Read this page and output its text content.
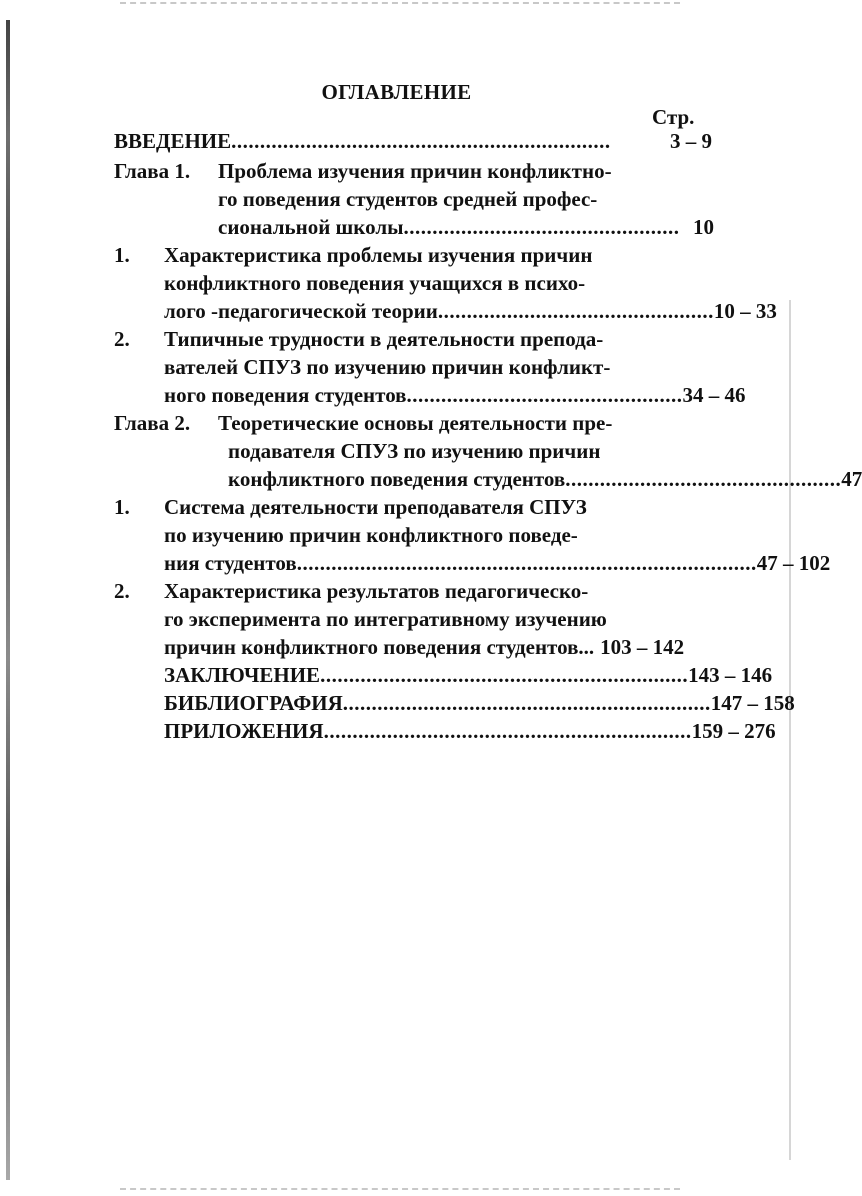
ОГЛАВЛЕНИЕ
Стр.
ВВЕДЕНИЕ ..................................................................	3 – 9
Глава 1. Проблема изучения причин конфликтно-
го поведения студентов средней профес-
сиональной школы ................................................ 10
1. Характеристика проблемы изучения причин
конфликтного поведения учащихся в психо-
лого -педагогической теории ................................................ 10 – 33
2. Типичные трудности в деятельности препода-
вателей СПУЗ по изучению причин конфликт-
ного поведения студентов ................................................ 34 – 46
Глава 2. Теоретические основы деятельности пре-
подавателя СПУЗ по изучению причин
конфликтного поведения студентов ................................................ 47
1. Система деятельности преподавателя СПУЗ
по изучению причин конфликтного поведе-
ния студентов ................................................................................ 47 – 102
2. Характеристика результатов педагогическо-
го эксперимента по интегративному изучению
причин конфликтного поведения студентов ... 103 – 142
ЗАКЛЮЧЕНИЕ ................................................................ 143 – 146
БИБЛИОГРАФИЯ ................................................................ 147 – 158
ПРИЛОЖЕНИЯ ................................................................ 159 – 276
